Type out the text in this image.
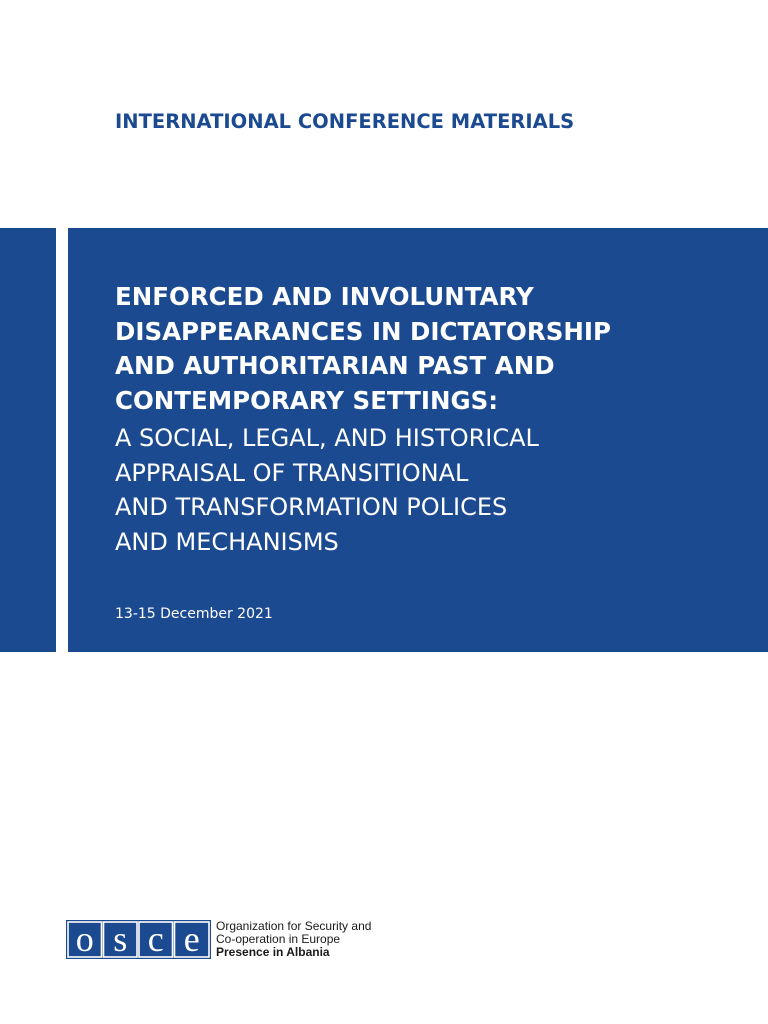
INTERNATIONAL CONFERENCE MATERIALS

ENFORCED AND INVOLUNTARY
DISAPPEARANCES IN DICTATORSHIP
AND AUTHORITARIAN PAST AND
CONTEMPORARY SETTINGS:
A SOCIAL, LEGAL, AND HISTORICAL
APPRAISAL OF TRANSITIONAL
AND TRANSFORMATION POLICES
AND MECHANISMS

13-15 December 2021

o s c e Organization for Security and
Co-operation in Europe
Presence in Albania
